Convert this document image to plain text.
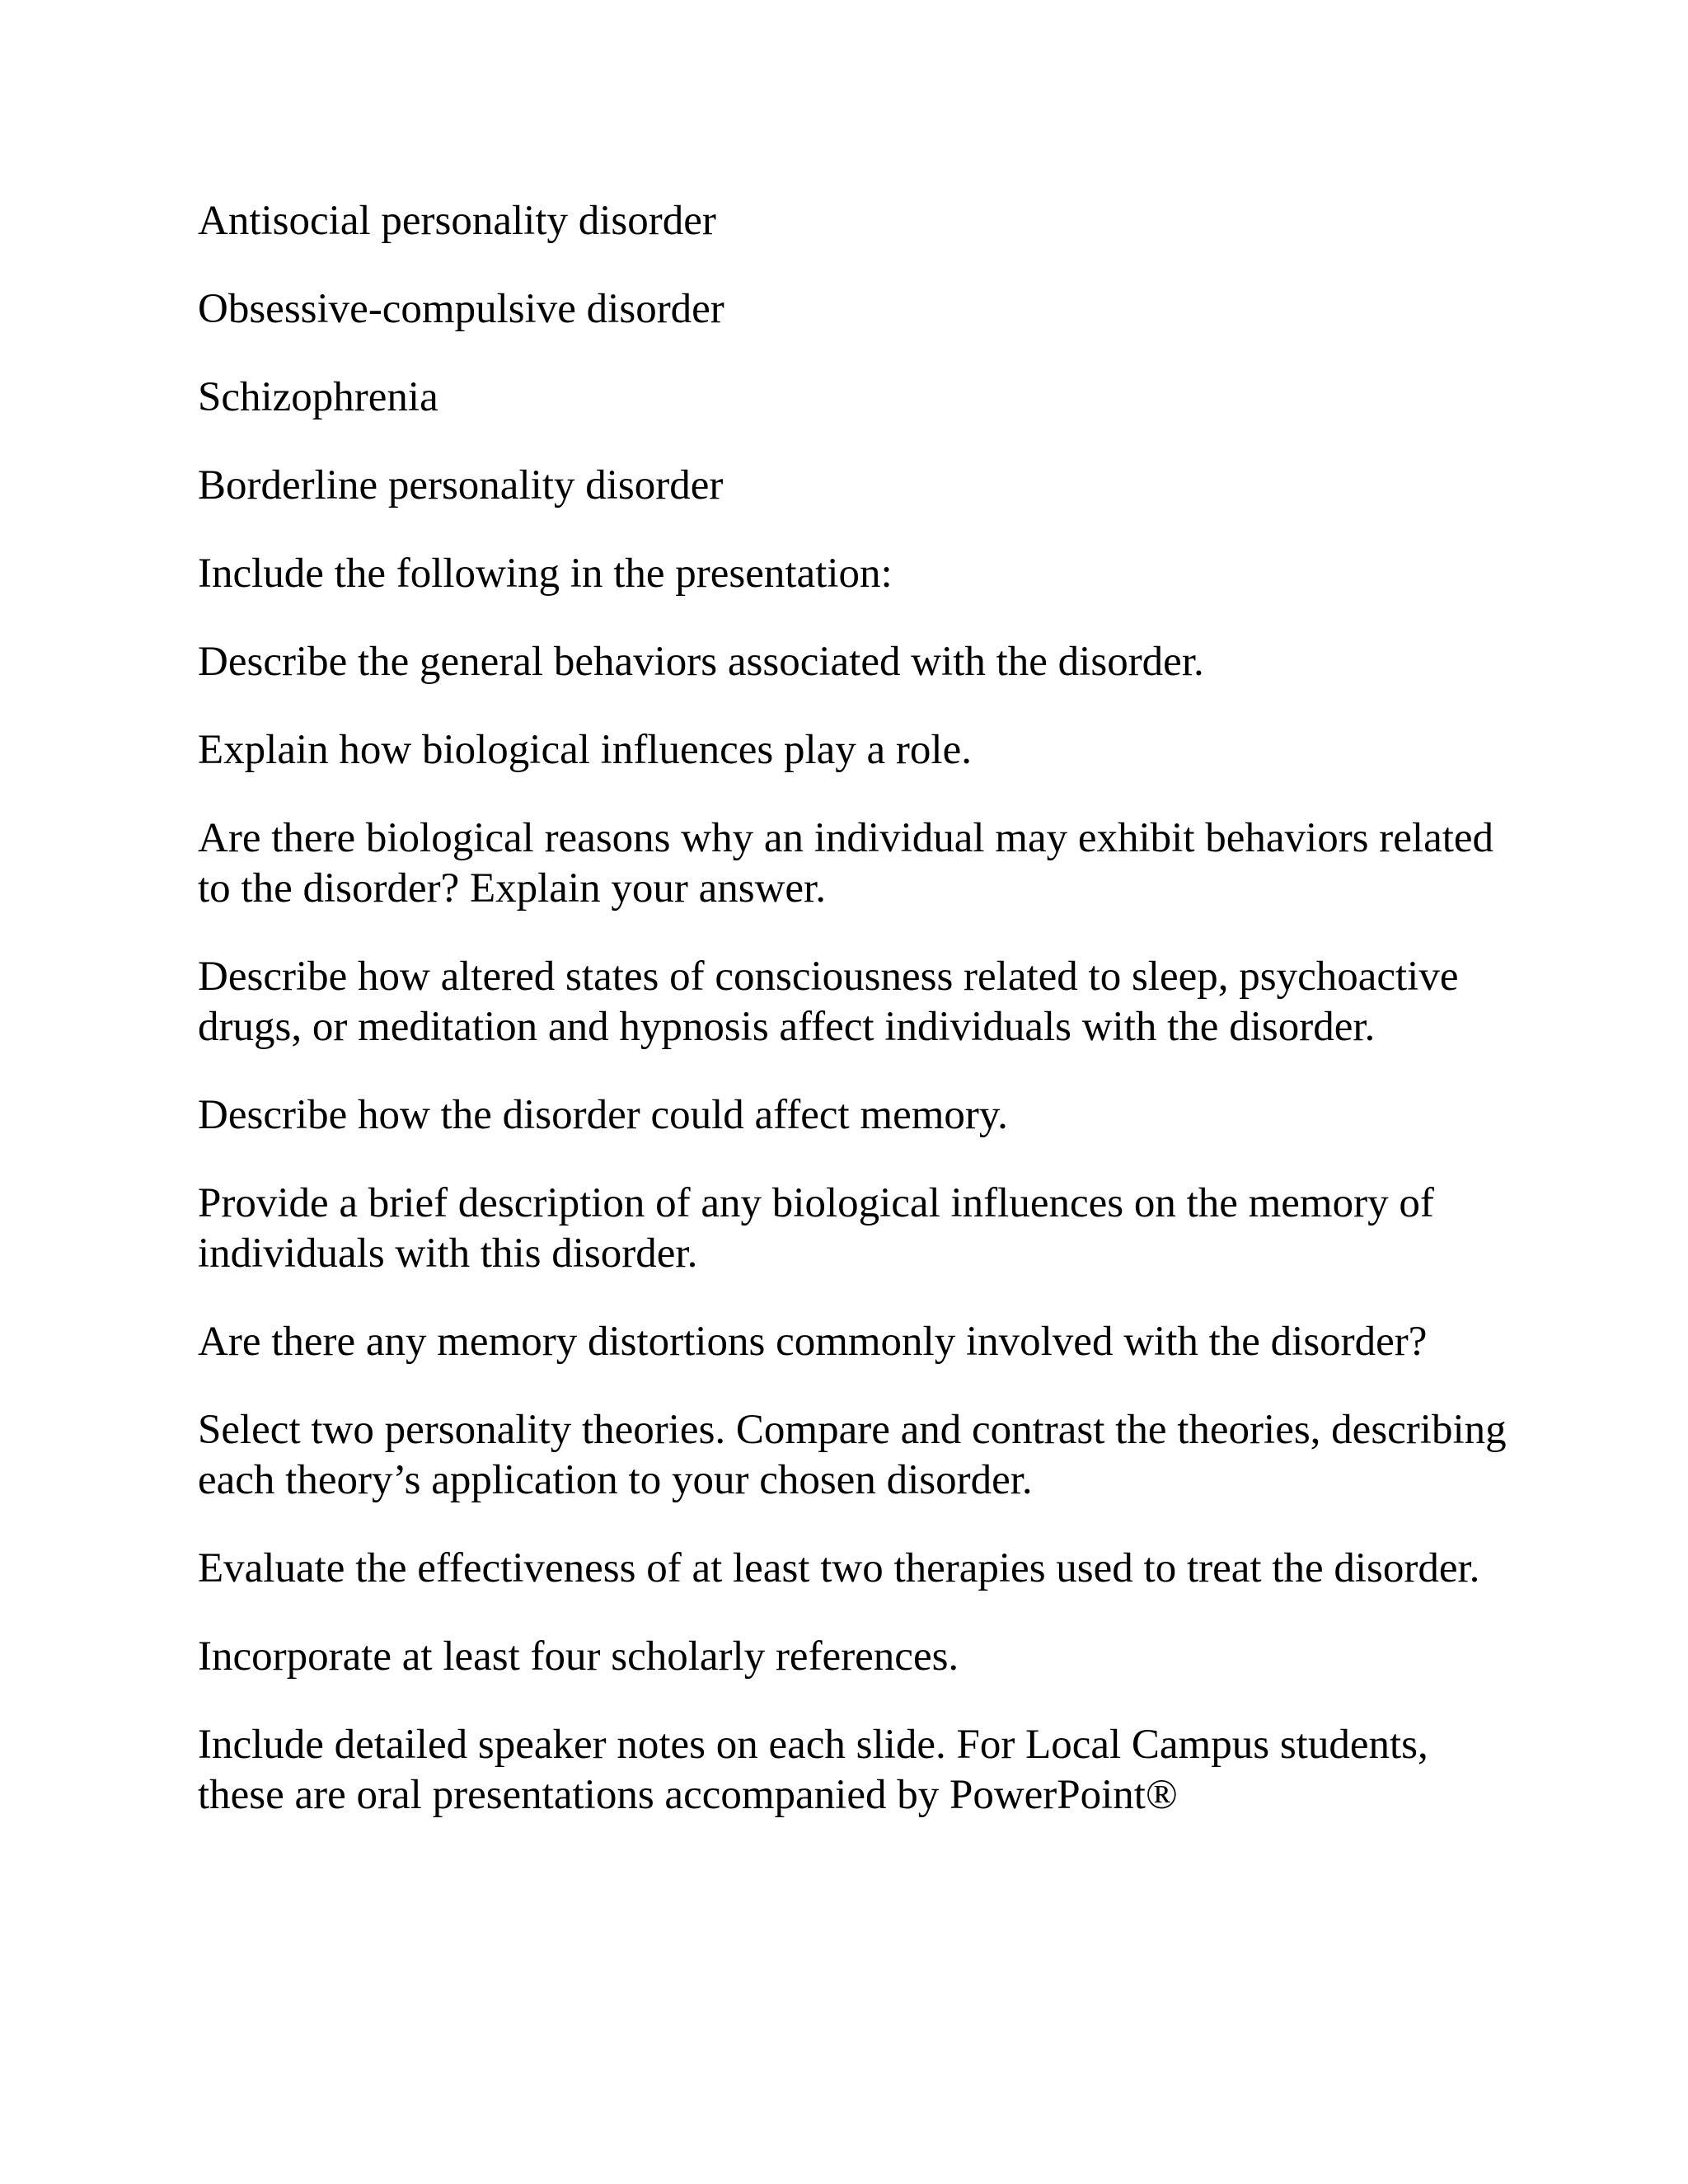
Antisocial personality disorder

Obsessive-compulsive disorder

Schizophrenia

Borderline personality disorder

Include the following in the presentation:

Describe the general behaviors associated with the disorder.

Explain how biological influences play a role.

Are there biological reasons why an individual may exhibit behaviors related to the disorder? Explain your answer.

Describe how altered states of consciousness related to sleep, psychoactive drugs, or meditation and hypnosis affect individuals with the disorder.

Describe how the disorder could affect memory.

Provide a brief description of any biological influences on the memory of individuals with this disorder.

Are there any memory distortions commonly involved with the disorder?

Select two personality theories. Compare and contrast the theories, describing each theory’s application to your chosen disorder.

Evaluate the effectiveness of at least two therapies used to treat the disorder.

Incorporate at least four scholarly references.

Include detailed speaker notes on each slide. For Local Campus students, these are oral presentations accompanied by PowerPoint®
